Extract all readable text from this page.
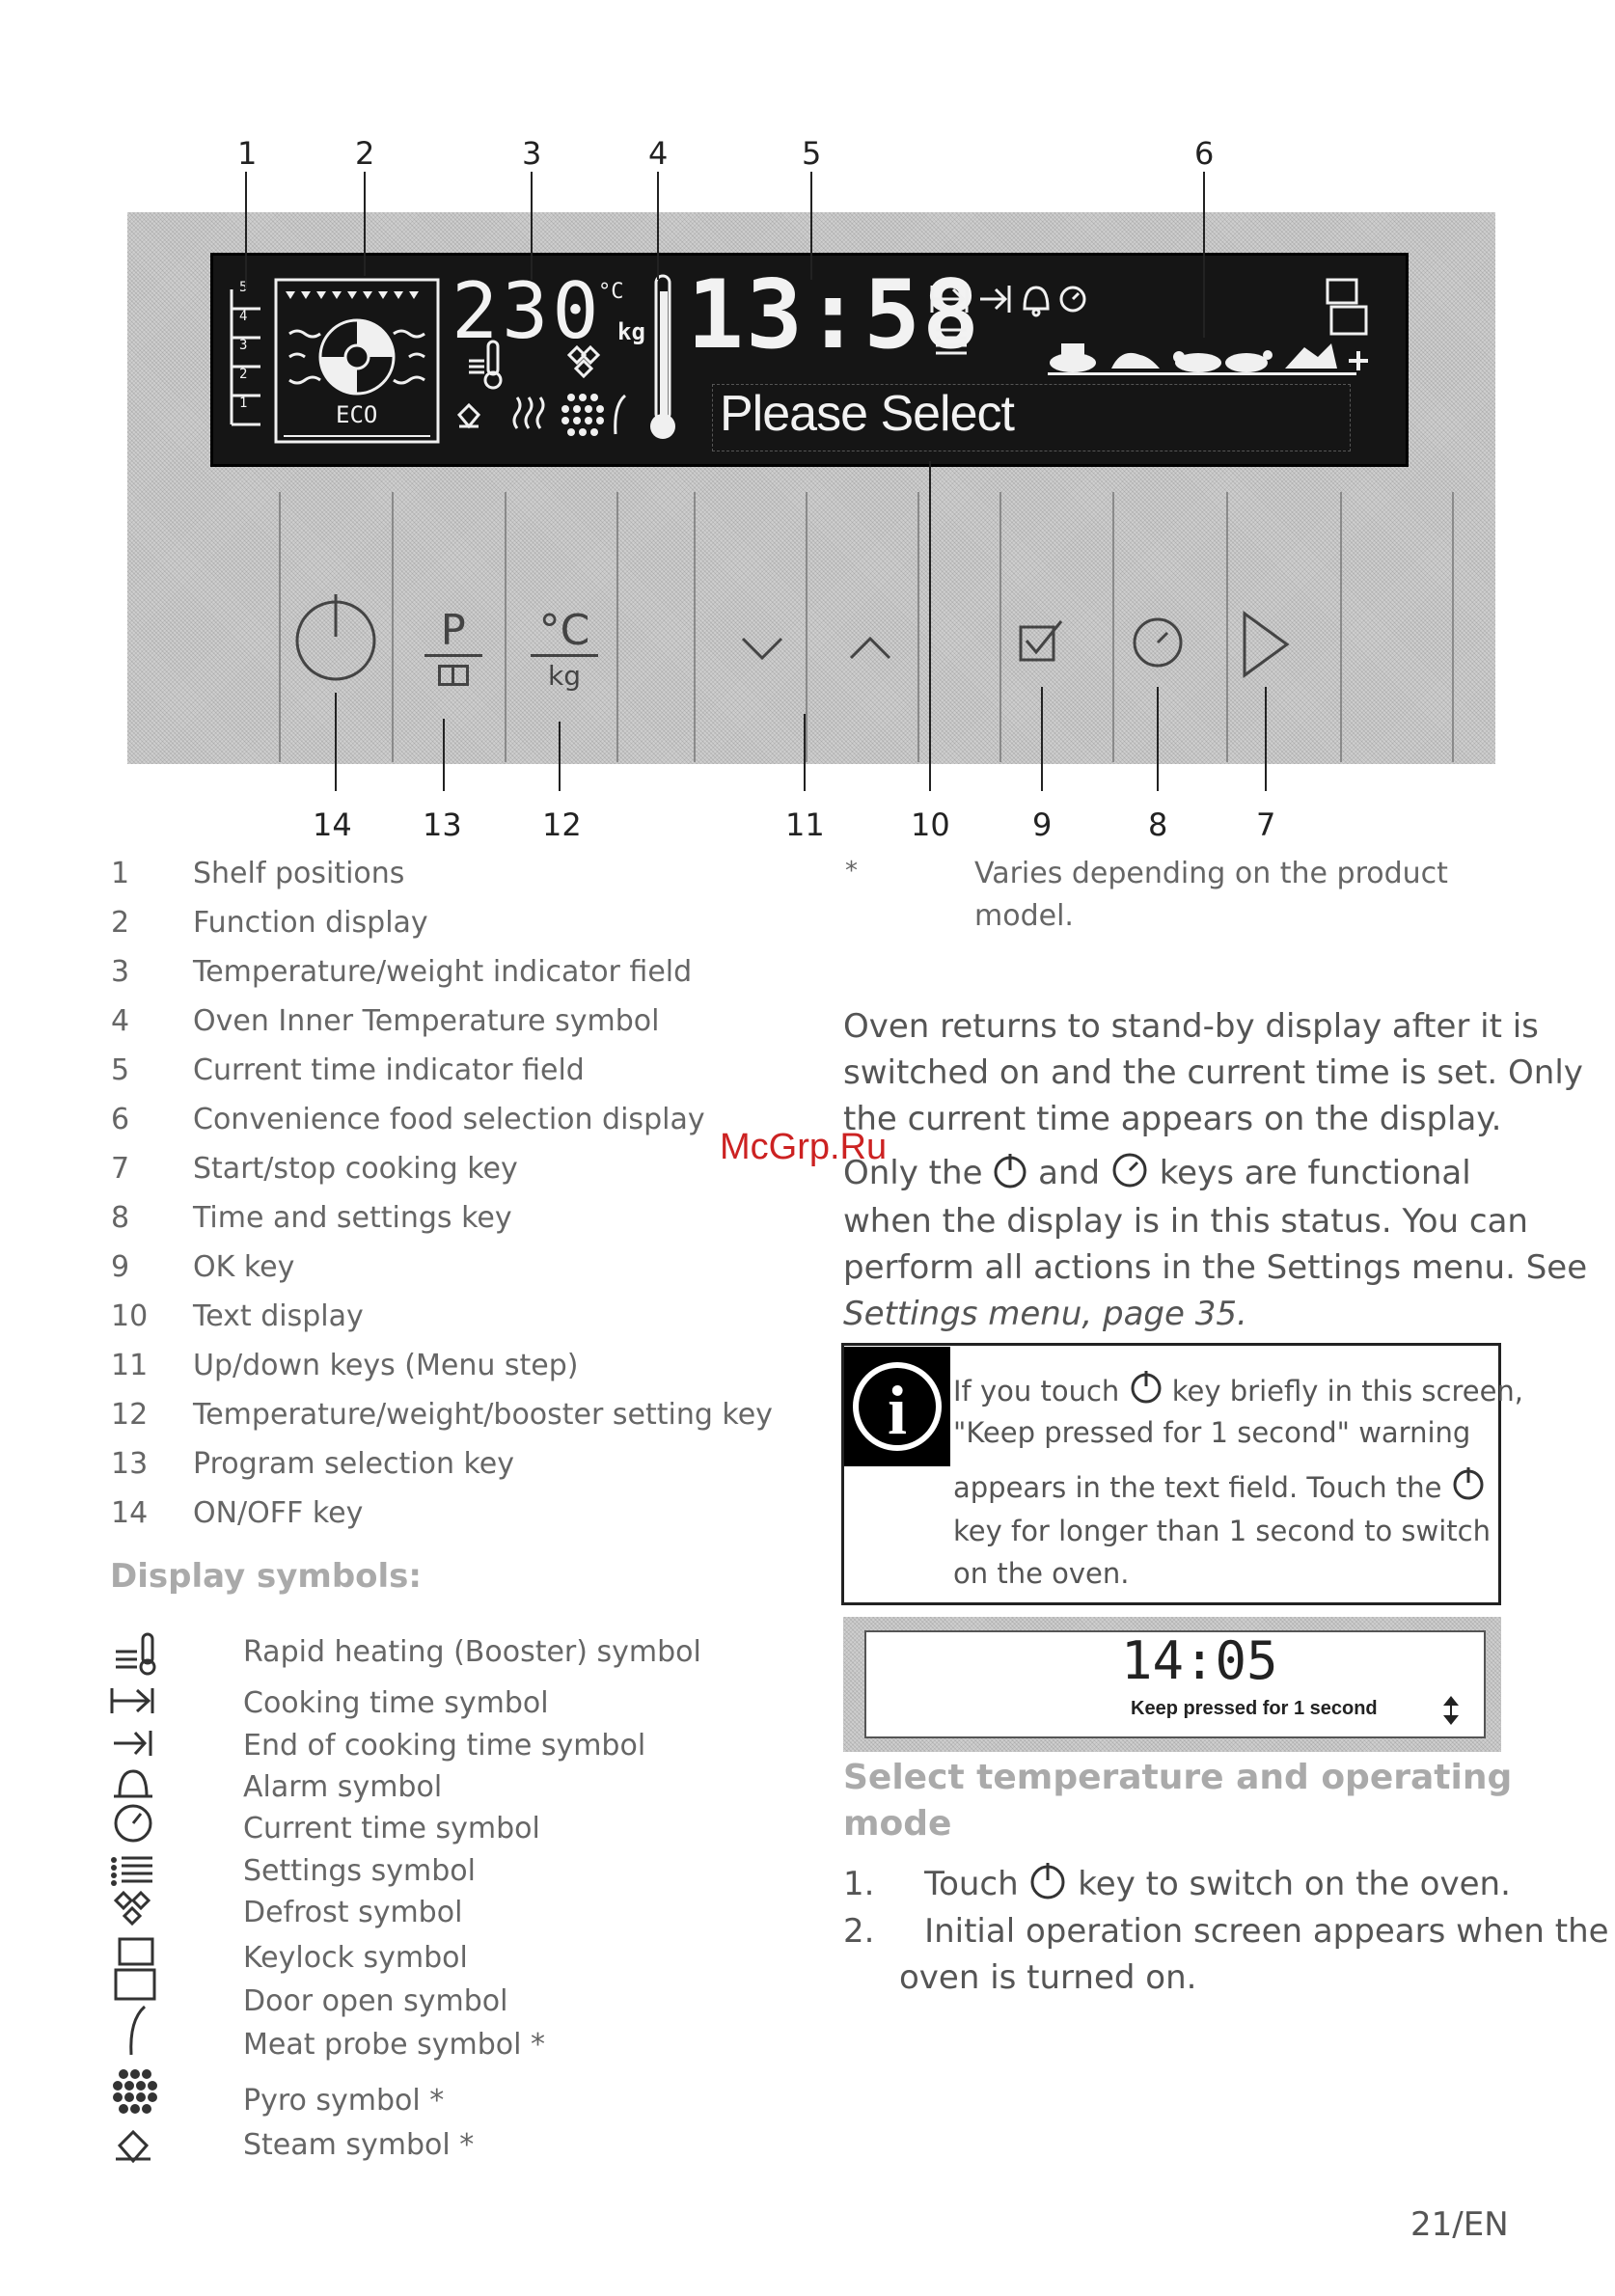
1	2	3	4	5	6
5
4
3
2
1	ECO
230
°C
kg 13:58
Please Select
P	°C
kg
14 13	12	11	10	9	8	7
1 Shelf positions
2 Function display
3 Temperature/weight indicator field
4 Oven Inner Temperature symbol
5 Current time indicator field
6 Convenience food selection display
7 Start/stop cooking key
8 Time and settings key
9 OK key
10 Text display
11 Up/down keys (Menu step)
12 Temperature/weight/booster setting key
13 Program selection key
14 ON/OFF key
*	Varies depending on the product
model.
Display symbols:
Rapid heating (Booster) symbol
Cooking time symbol
End of cooking time symbol
Alarm symbol
Current time symbol
Settings symbol
Defrost symbol
Keylock symbol
Door open symbol
Meat probe symbol *
Pyro symbol *
Steam symbol *
Oven returns to stand-by display after it is
switched on and the current time is set. Only
the current time appears on the display.
Only the and keys are functional
when the display is in this status. You can
perform all actions in the Settings menu. See
Settings menu, page 35.
McGrp.Ru
i If you touch key briefly in this screen,
"Keep pressed for 1 second" warning
appears in the text field. Touch the
key for longer than 1 second to switch
on the oven.
14:05
Keep pressed for 1 second
Select temperature and operating
mode
1. Touch key to switch on the oven.
2. Initial operation screen appears when the
oven is turned on.
21/EN
